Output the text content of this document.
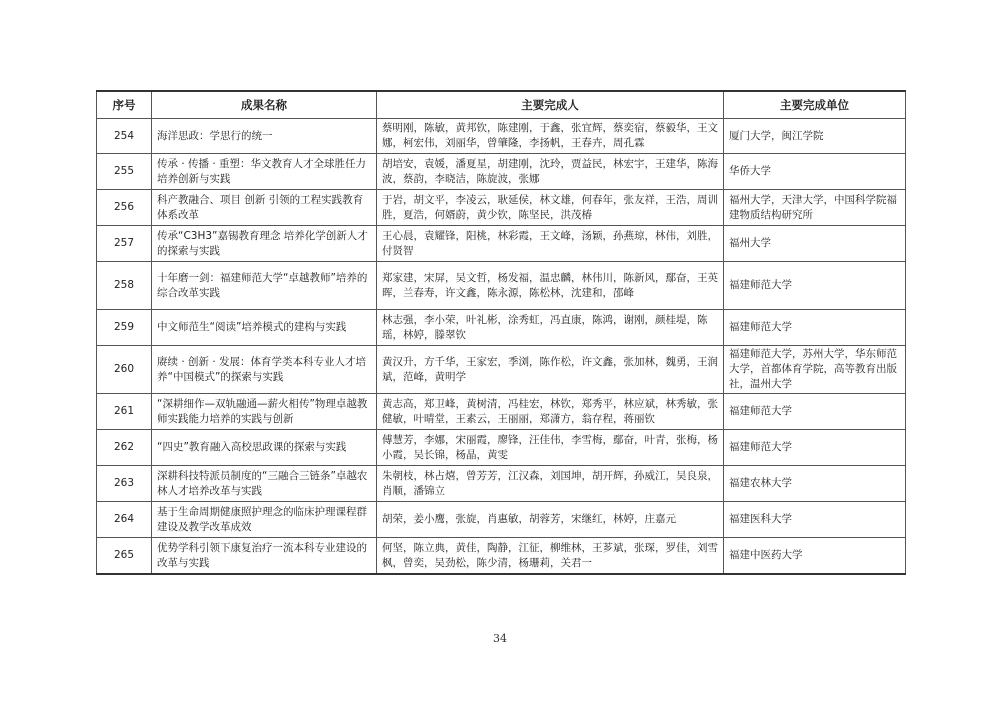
序号	成果名称	主要完成人	主要完成单位
254	海洋思政：学思行的统一	蔡明刚，陈敏，黄邦钦，陈建刚，于鑫，张宜辉，蔡奕宿，蔡毅华，王文娜，柯宏伟，刘丽华，曾肇隆，李扬帆，王春卉，周孔霖	厦门大学，闽江学院
255	传承 · 传播 · 重塑：华文教育人才全球胜任力培养创新与实践	胡培安，袁媛，潘夏星，胡建刚，沈玲，贾益民，林宏宇，王建华，陈海波，蔡韵，李晓洁，陈旋波，张娜	华侨大学
256	科产教融合、项目 创新 引领的工程实践教育体系改革	于岩，胡文平，李凌云，耿延侯，林文雄，何春年，张友祥，王浩，周训胜，夏浩，何婿蔚，黄少钦，陈坚民，洪茂椿	福州大学，天津大学，中国科学院福建物质结构研究所
257	传承“C3H3”嘉锡教育理念 培养化学创新人才的探索与实践	王心晨，袁耀锋，阳桃，林彩霞，王文峰，汤颖，孙燕琼，林伟，刘胜，付贤智	福州大学
258	十年磨一剑：福建师范大学“卓越教师”培养的综合改革实践	郑家建，宋屏，吴文哲，杨发福，温忠麟，林伟川，陈新风，鄢奋，王英晖，兰春寿，许文鑫，陈永源，陈松林，沈建和，邵峰	福建师范大学
259	中文师范生“阅读”培养模式的建构与实践	林志强，李小荣，叶礼彬，涂秀虹，冯直康，陈鸿，谢刚，颜桂堤，陈瑶，林婷，滕翠钦	福建师范大学
260	赓续 · 创新 · 发展：体育学类本科专业人才培养“中国模式”的探索与实践	黄汉升，方千华，王家宏，季浏，陈作松，许文鑫，张加林，魏勇，王润斌，范峰，黄明学	福建师范大学，苏州大学，华东师范大学，首都体育学院，高等教育出版社，温州大学
261	“深耕细作—双轨融通—薪火相传”物理卓越教师实践能力培养的实践与创新	黄志高，郑卫峰，黄树清，冯桂宏，林钦，郑秀平，林应斌，林秀敏，张健敏，叶晴堂，王素云，王丽丽，郑潇方，翁存程，蒋丽钦	福建师范大学
262	“四史”教育融入高校思政课的探索与实践	傅慧芳，李娜，宋丽霞，廖锋，汪佳伟，李雪梅，鄢奋，叶青，张梅，杨小霞，吴长锦，杨晶，黄雯	福建师范大学
263	深耕科技特派员制度的“三融合三链条”卓越农林人才培养改革与实践	朱朝枝，林占熺，曾芳芳，江汉森，刘国坤，胡开辉，孙威江，吴良泉，肖顺，潘锦立	福建农林大学
264	基于生命周期健康照护理念的临床护理课程群建设及教学改革成效	胡荣，姜小鹰，张旋，肖惠敏，胡蓉芳，宋继红，林婷，庄嘉元	福建医科大学
265	优势学科引领下康复治疗一流本科专业建设的改革与实践	何坚，陈立典，黄佳，陶静，江征，柳维林，王芗斌，张琛，罗佳，刘雪枫，曾奕，吴劲松，陈少清，杨珊莉，关君一	福建中医药大学
34
